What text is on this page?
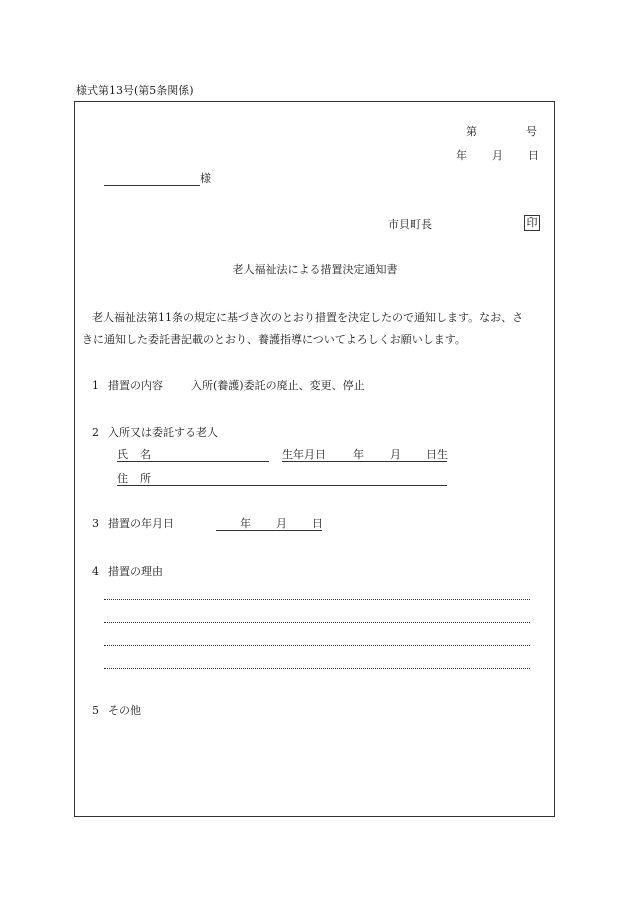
様式第13号(第5条関係)
第	号
年 月 日
様
市貝町長	印
老人福祉法による措置決定通知書
老人福祉法第11条の規定に基づき次のとおり措置を決定したので通知します。なお、さ
きに通知した委託書記載のとおり、養護指導についてよろしくお願いします。
1 措置の内容	入所(養護)委託の廃止、変更、停止
2 入所又は委託する老人
氏名	生年月日 年 月 日生
住所
3 措置の年月日	年 月 日
4 措置の理由
5 その他
